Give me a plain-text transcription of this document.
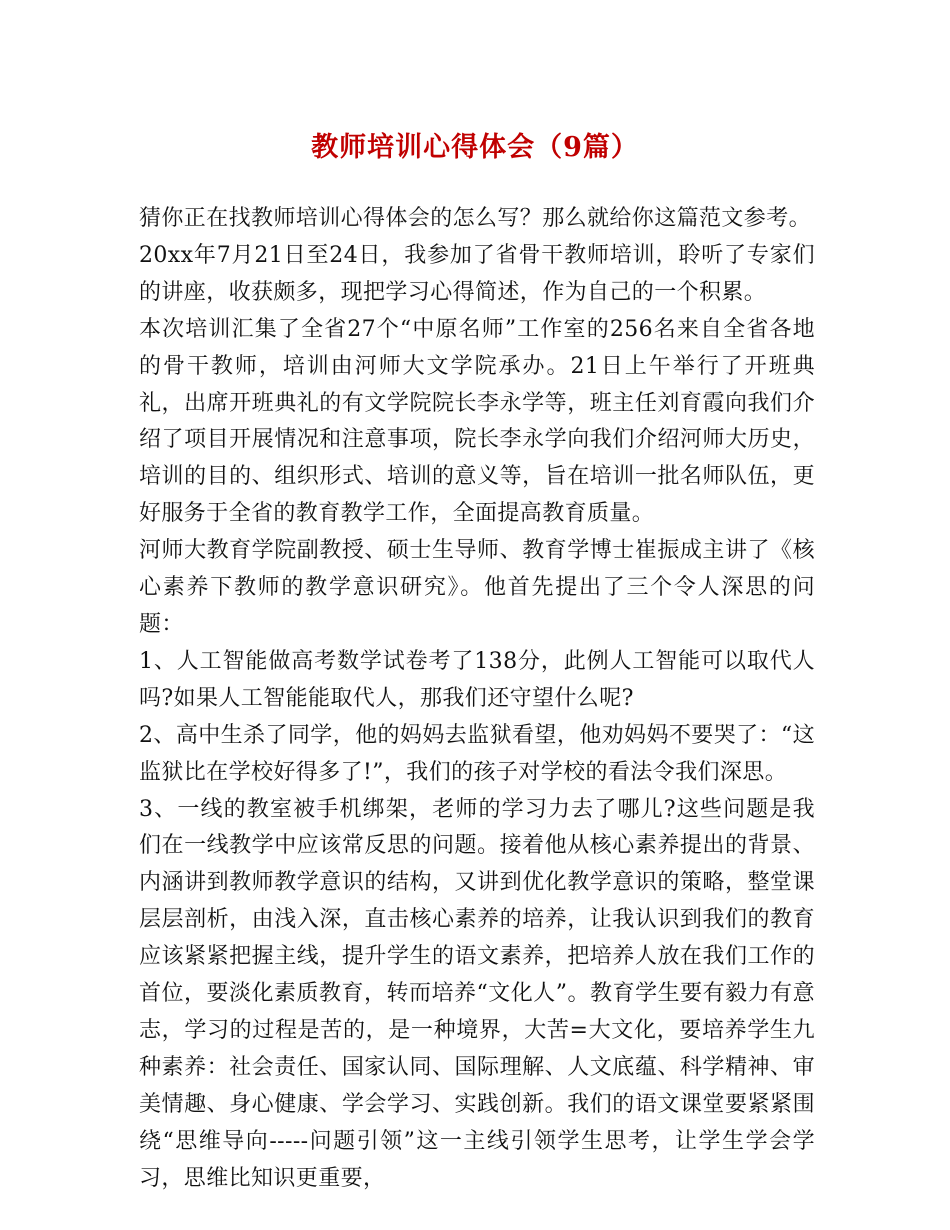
教师培训心得体会（9篇）

猜你正在找教师培训心得体会的怎么写？那么就给你这篇范文参考。

20xx年7月21日至24日，我参加了省骨干教师培训，聆听了专家们的讲座，收获颇多，现把学习心得简述，作为自己的一个积累。

本次培训汇集了全省27个“中原名师”工作室的256名来自全省各地的骨干教师，培训由河师大文学院承办。21日上午举行了开班典礼，出席开班典礼的有文学院院长李永学等，班主任刘育霞向我们介绍了项目开展情况和注意事项，院长李永学向我们介绍河师大历史，培训的目的、组织形式、培训的意义等，旨在培训一批名师队伍，更好服务于全省的教育教学工作，全面提高教育质量。

河师大教育学院副教授、硕士生导师、教育学博士崔振成主讲了《核心素养下教师的教学意识研究》。他首先提出了三个令人深思的问题：

1、人工智能做高考数学试卷考了138分，此例人工智能可以取代人吗?如果人工智能能取代人，那我们还守望什么呢?

2、高中生杀了同学，他的妈妈去监狱看望，他劝妈妈不要哭了：“这监狱比在学校好得多了!”，我们的孩子对学校的看法令我们深思。

3、一线的教室被手机绑架，老师的学习力去了哪儿?这些问题是我们在一线教学中应该常反思的问题。接着他从核心素养提出的背景、内涵讲到教师教学意识的结构，又讲到优化教学意识的策略，整堂课层层剖析，由浅入深，直击核心素养的培养，让我认识到我们的教育应该紧紧把握主线，提升学生的语文素养，把培养人放在我们工作的首位，要淡化素质教育，转而培养“文化人”。教育学生要有毅力有意志，学习的过程是苦的，是一种境界，大苦=大文化，要培养学生九种素养：社会责任、国家认同、国际理解、人文底蕴、科学精神、审美情趣、身心健康、学会学习、实践创新。我们的语文课堂要紧紧围绕“思维导向-----问题引领”这一主线引领学生思考，让学生学会学习，思维比知识更重要，
